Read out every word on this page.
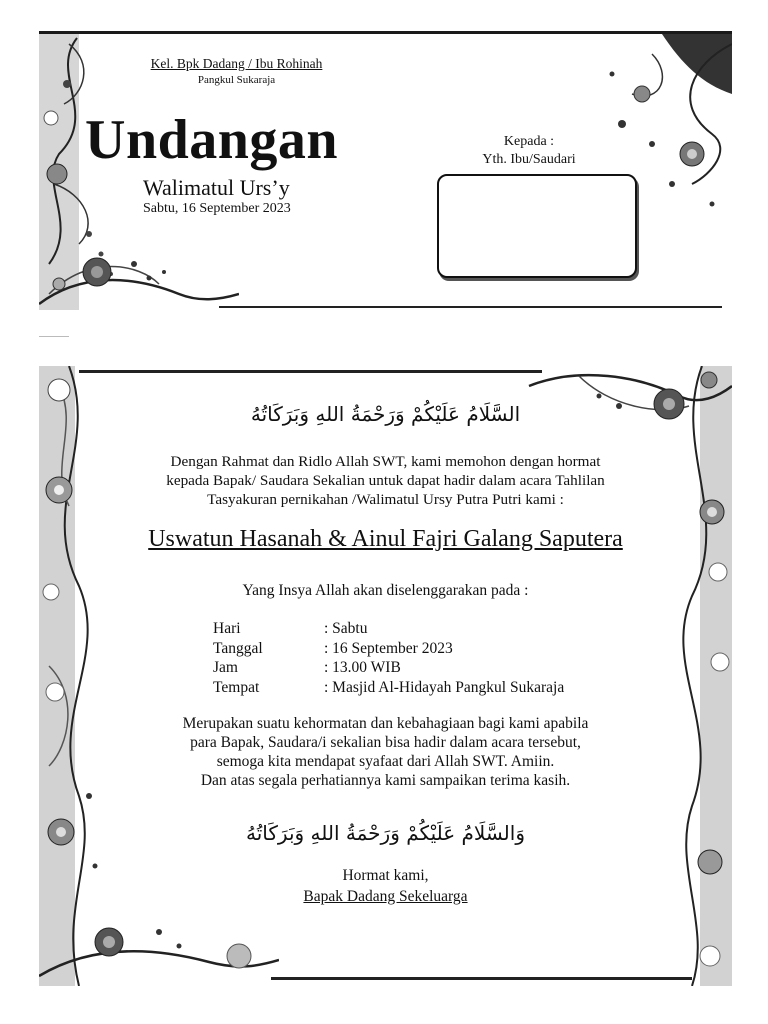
Kel. Bpk Dadang / Ibu Rohinah
Pangkul Sukaraja
Undangan
Walimatul Urs’y
Sabtu, 16 September 2023
Kepada :
Yth. Ibu/Saudari
السَّلَامُ عَلَيْكُمْ وَرَحْمَةُ اللهِ وَبَرَكَاتُهُ
Dengan Rahmat dan Ridlo Allah SWT, kami memohon dengan hormat
kepada Bapak/ Saudara Sekalian untuk dapat hadir dalam acara Tahlilan
Tasyakuran pernikahan /Walimatul Ursy Putra Putri kami :
Uswatun Hasanah & Ainul Fajri Galang Saputera
Yang Insya Allah akan diselenggarakan pada :
Hari	: Sabtu
Tanggal	: 16 September 2023
Jam	: 13.00 WIB
Tempat	: Masjid Al-Hidayah Pangkul Sukaraja
Merupakan suatu kehormatan dan kebahagiaan bagi kami apabila
para Bapak, Saudara/i sekalian bisa hadir dalam acara tersebut,
semoga kita mendapat syafaat dari Allah SWT. Amiin.
Dan atas segala perhatiannya kami sampaikan terima kasih.
وَالسَّلَامُ عَلَيْكُمْ وَرَحْمَةُ اللهِ وَبَرَكَاتُهُ
Hormat kami,
Bapak Dadang Sekeluarga
